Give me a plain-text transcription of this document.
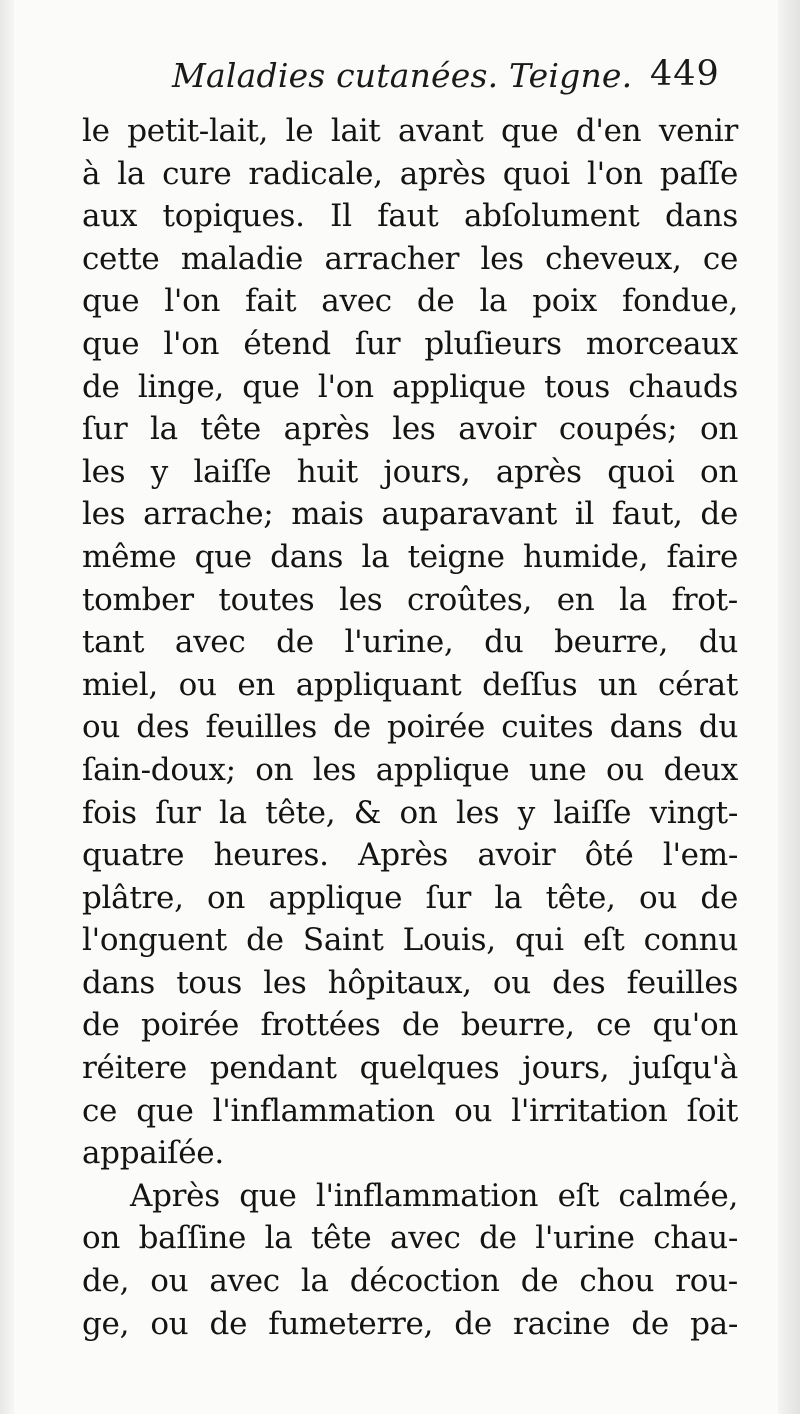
Maladies cutanées. Teigne. 449
le petit-lait, le lait avant que d'en venir
à la cure radicale, après quoi l'on paſſe
aux topiques. Il faut abſolument dans
cette maladie arracher les cheveux, ce
que l'on fait avec de la poix fondue,
que l'on étend ſur pluſieurs morceaux
de linge, que l'on applique tous chauds
ſur la tête après les avoir coupés; on
les y laiſſe huit jours, après quoi on
les arrache; mais auparavant il faut, de
même que dans la teigne humide, faire
tomber toutes les croûtes, en la frot-
tant avec de l'urine, du beurre, du
miel, ou en appliquant deſſus un cérat
ou des feuilles de poirée cuites dans du
ſain-doux; on les applique une ou deux
fois ſur la tête, & on les y laiſſe vingt-
quatre heures. Après avoir ôté l'em-
plâtre, on applique ſur la tête, ou de
l'onguent de Saint Louis, qui eſt connu
dans tous les hôpitaux, ou des feuilles
de poirée frottées de beurre, ce qu'on
réitere pendant quelques jours, juſqu'à
ce que l'inflammation ou l'irritation ſoit
appaiſée.
Après que l'inflammation eſt calmée,
on baſſine la tête avec de l'urine chau-
de, ou avec la décoction de chou rou-
ge, ou de fumeterre, de racine de pa-
